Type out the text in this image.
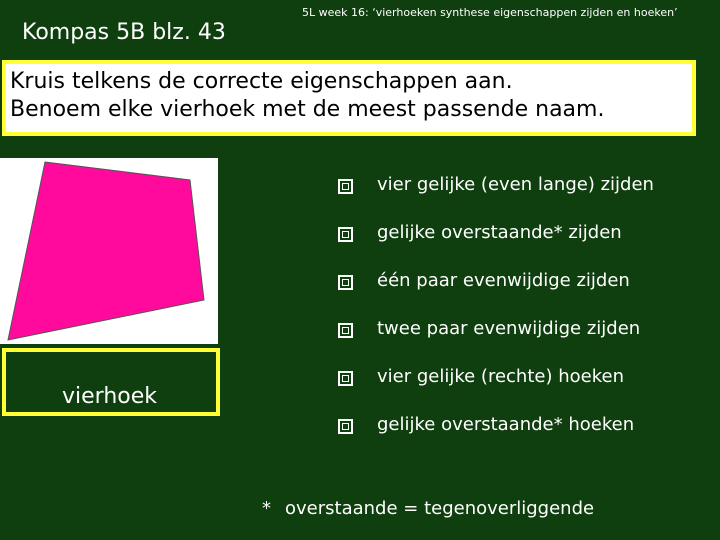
Kompas 5B blz. 43
5L week 16: ‘vierhoeken synthese eigenschappen zijden en hoeken’
Kruis telkens de correcte eigenschappen aan.
Benoem elke vierhoek met de meest passende naam.
vierhoek
vier gelijke (even lange) zijden
gelijke overstaande* zijden
één paar evenwijdige zijden
twee paar evenwijdige zijden
vier gelijke (rechte) hoeken
gelijke overstaande* hoeken
* overstaande = tegenoverliggende
